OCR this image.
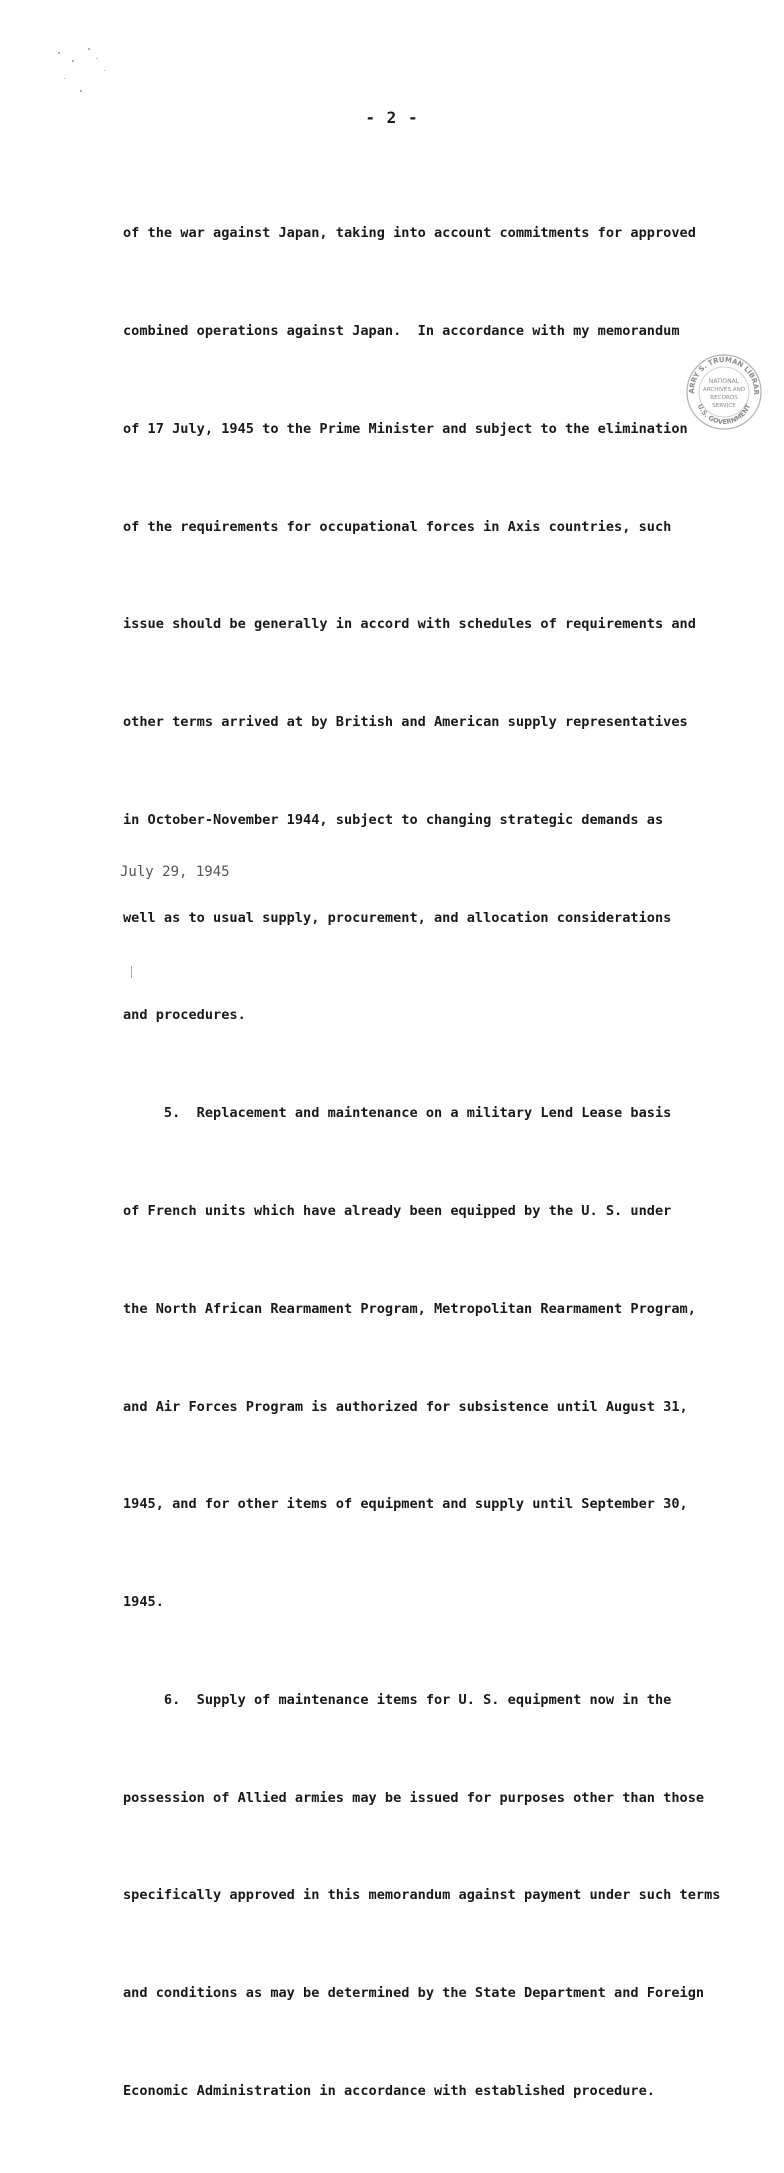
- 2 -

of the war against Japan, taking into account commitments for approved

combined operations against Japan.  In accordance with my memorandum

of 17 July, 1945 to the Prime Minister and subject to the elimination

of the requirements for occupational forces in Axis countries, such

issue should be generally in accord with schedules of requirements and

other terms arrived at by British and American supply representatives

in October-November 1944, subject to changing strategic demands as

well as to usual supply, procurement, and allocation considerations

and procedures.

5.  Replacement and maintenance on a military Lend Lease basis

of French units which have already been equipped by the U. S. under

the North African Rearmament Program, Metropolitan Rearmament Program,

and Air Forces Program is authorized for subsistence until August 31,

1945, and for other items of equipment and supply until September 30,

1945.

6.  Supply of maintenance items for U. S. equipment now in the

possession of Allied armies may be issued for purposes other than those

specifically approved in this memorandum against payment under such terms

and conditions as may be determined by the State Department and Foreign

Economic Administration in accordance with established procedure.

ARRY S. TRUMAN LIBRAR
U.S. GOVERNMENT
NATIONAL
ARCHIVES AND
RECORDS
SERVICE
July 29, 1945
